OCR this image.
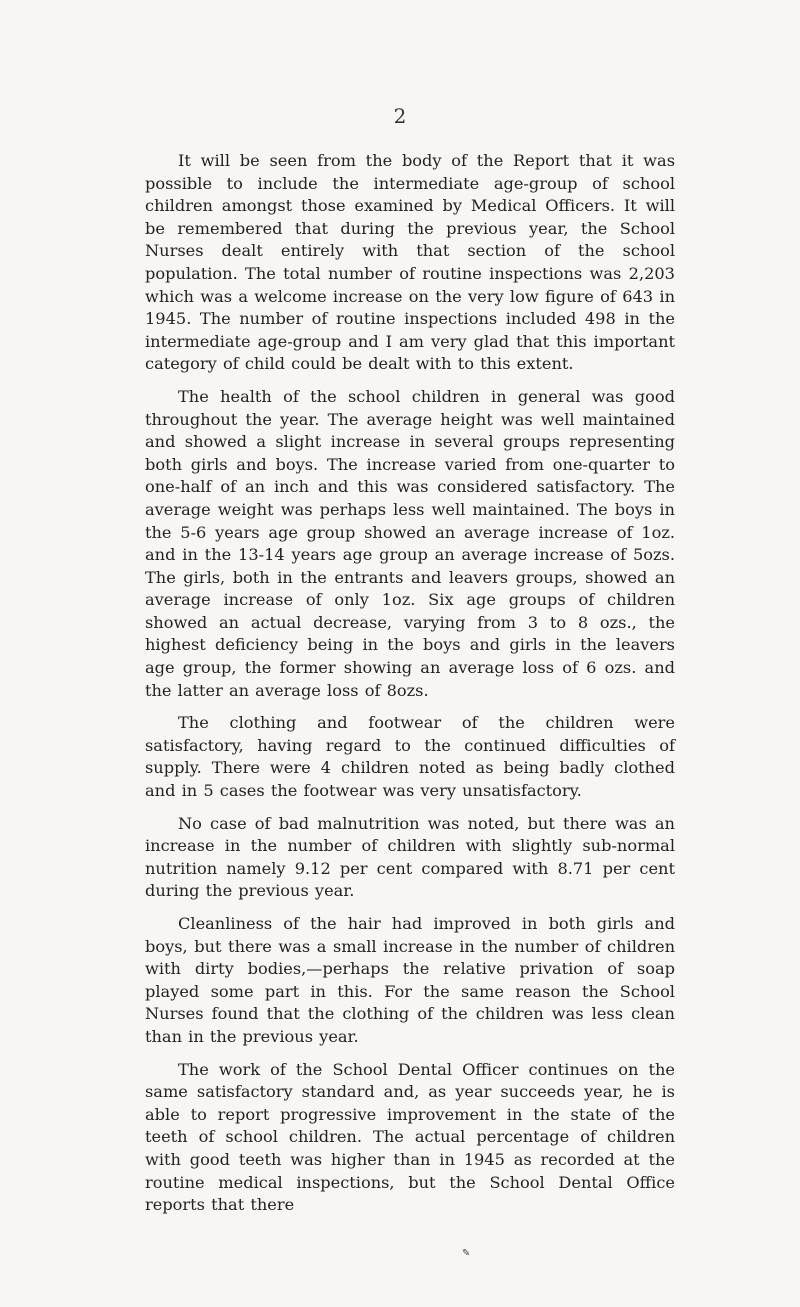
2

It will be seen from the body of the Report that it was possible to include the intermediate age-group of school children amongst those examined by Medical Officers. It will be remembered that during the previous year, the School Nurses dealt entirely with that section of the school population. The total number of routine inspections was 2,203 which was a welcome increase on the very low figure of 643 in 1945. The number of routine inspections included 498 in the intermediate age-group and I am very glad that this important category of child could be dealt with to this extent.

The health of the school children in general was good throughout the year. The average height was well maintained and showed a slight increase in several groups representing both girls and boys. The increase varied from one-quarter to one-half of an inch and this was considered satisfactory. The average weight was perhaps less well maintained. The boys in the 5-6 years age group showed an average increase of 1oz. and in the 13-14 years age group an average increase of 5ozs. The girls, both in the entrants and leavers groups, showed an average increase of only 1oz. Six age groups of children showed an actual decrease, varying from 3 to 8 ozs., the highest deficiency being in the boys and girls in the leavers age group, the former showing an average loss of 6 ozs. and the latter an average loss of 8ozs.

The clothing and footwear of the children were satisfactory, having regard to the continued difficulties of supply. There were 4 children noted as being badly clothed and in 5 cases the footwear was very unsatisfactory.

No case of bad malnutrition was noted, but there was an increase in the number of children with slightly sub-normal nutrition namely 9.12 per cent compared with 8.71 per cent during the previous year.

Cleanliness of the hair had improved in both girls and boys, but there was a small increase in the number of children with dirty bodies,—perhaps the relative privation of soap played some part in this. For the same reason the School Nurses found that the clothing of the children was less clean than in the previous year.

The work of the School Dental Officer continues on the same satisfactory standard and, as year succeeds year, he is able to report progressive improvement in the state of the teeth of school children. The actual percentage of children with good teeth was higher than in 1945 as recorded at the routine medical inspections, but the School Dental Office reports that there

✎
